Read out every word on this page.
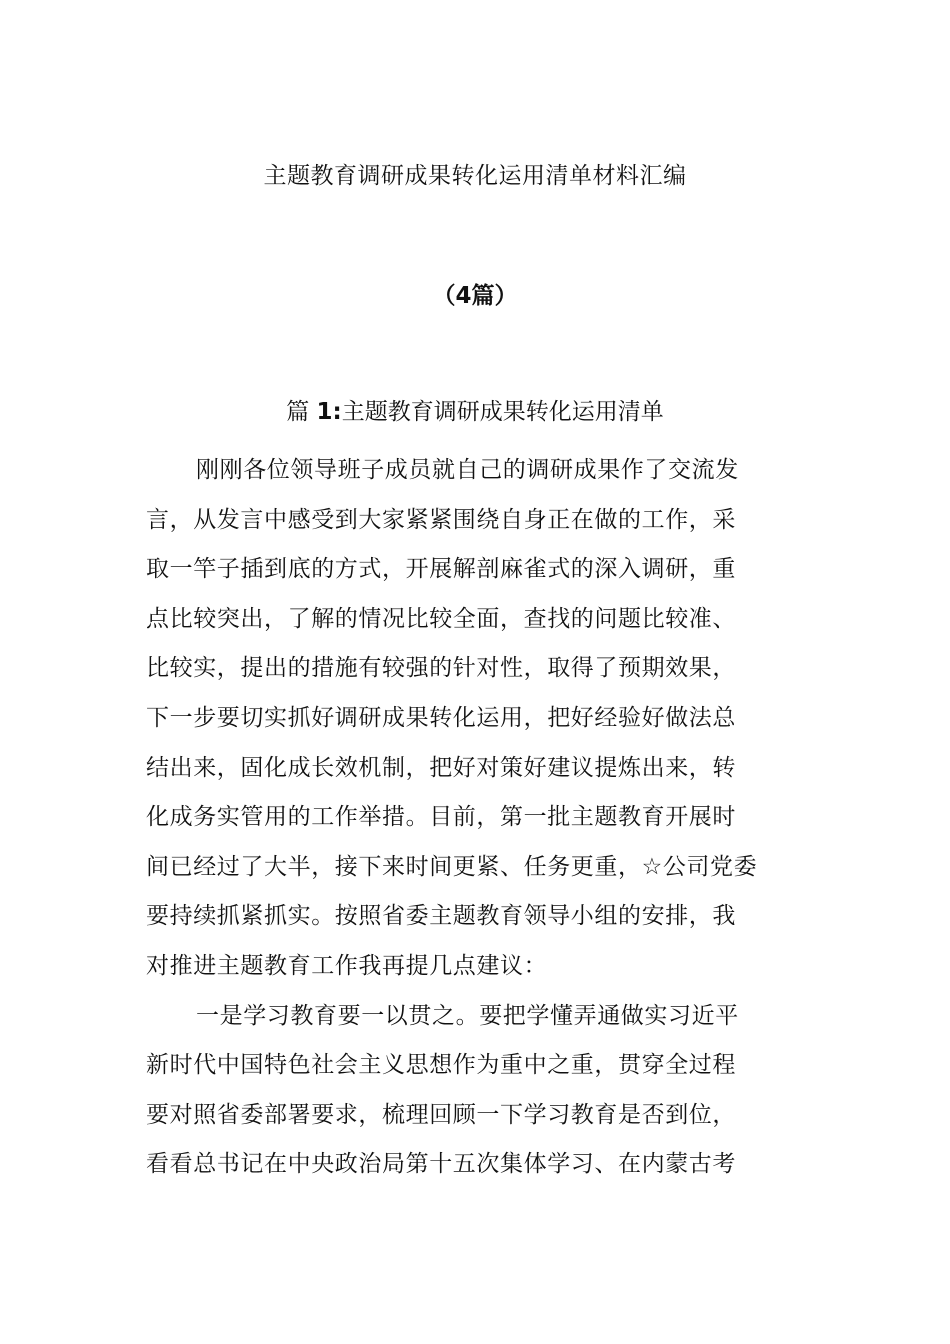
主题教育调研成果转化运用清单材料汇编
（4篇）
篇 1:主题教育调研成果转化运用清单
刚刚各位领导班子成员就自己的调研成果作了交流发
言，从发言中感受到大家紧紧围绕自身正在做的工作，采
取一竿子插到底的方式，开展解剖麻雀式的深入调研，重
点比较突出，了解的情况比较全面，查找的问题比较准、
比较实，提出的措施有较强的针对性，取得了预期效果，
下一步要切实抓好调研成果转化运用，把好经验好做法总
结出来，固化成长效机制，把好对策好建议提炼出来，转
化成务实管用的工作举措。目前，第一批主题教育开展时
间已经过了大半，接下来时间更紧、任务更重，☆公司党委
要持续抓紧抓实。按照省委主题教育领导小组的安排，我
对推进主题教育工作我再提几点建议：
一是学习教育要一以贯之。要把学懂弄通做实习近平
新时代中国特色社会主义思想作为重中之重，贯穿全过程
要对照省委部署要求，梳理回顾一下学习教育是否到位，
看看总书记在中央政治局第十五次集体学习、在内蒙古考
